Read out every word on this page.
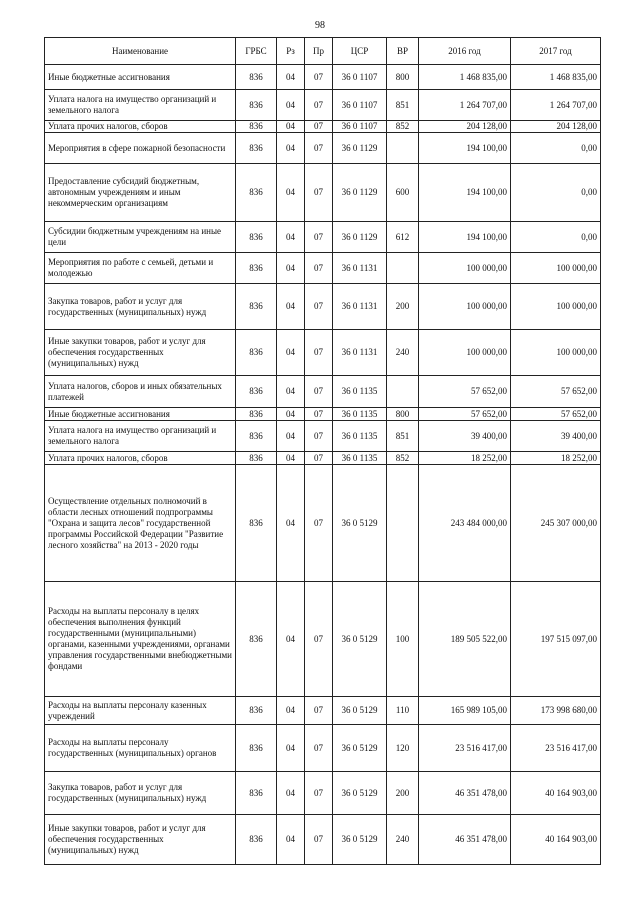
98
Наименование	ГРБС	Рз	Пр	ЦСР	ВР	2016 год	2017 год
Иные бюджетные ассигнования	836	04	07	36 0 1107	800	1 468 835,00	1 468 835,00
Уплата налога на имущество организаций и земельного налога	836	04	07	36 0 1107	851	1 264 707,00	1 264 707,00
Уплата прочих налогов, сборов	836	04	07	36 0 1107	852	204 128,00	204 128,00
Мероприятия в сфере пожарной безопасности	836	04	07	36 0 1129		194 100,00	0,00
Предоставление субсидий бюджетным, автономным учреждениям и иным некоммерческим организациям	836	04	07	36 0 1129	600	194 100,00	0,00
Субсидии бюджетным учреждениям на иные цели	836	04	07	36 0 1129	612	194 100,00	0,00
Мероприятия по работе с семьей, детьми и молодежью	836	04	07	36 0 1131		100 000,00	100 000,00
Закупка товаров, работ и услуг для государственных (муниципальных) нужд	836	04	07	36 0 1131	200	100 000,00	100 000,00
Иные закупки товаров, работ и услуг для обеспечения государственных (муниципальных) нужд	836	04	07	36 0 1131	240	100 000,00	100 000,00
Уплата налогов, сборов и иных обязательных платежей	836	04	07	36 0 1135		57 652,00	57 652,00
Иные бюджетные ассигнования	836	04	07	36 0 1135	800	57 652,00	57 652,00
Уплата налога на имущество организаций и земельного налога	836	04	07	36 0 1135	851	39 400,00	39 400,00
Уплата прочих налогов, сборов	836	04	07	36 0 1135	852	18 252,00	18 252,00
Осуществление отдельных полномочий в области лесных отношений подпрограммы "Охрана и защита лесов" государственной программы Российской Федерации "Развитие лесного хозяйства" на 2013 - 2020 годы	836	04	07	36 0 5129		243 484 000,00	245 307 000,00
Расходы на выплаты персоналу в целях обеспечения выполнения функций государственными (муниципальными) органами, казенными учреждениями, органами управления государственными внебюджетными фондами	836	04	07	36 0 5129	100	189 505 522,00	197 515 097,00
Расходы на выплаты персоналу казенных учреждений	836	04	07	36 0 5129	110	165 989 105,00	173 998 680,00
Расходы на выплаты персоналу государственных (муниципальных) органов	836	04	07	36 0 5129	120	23 516 417,00	23 516 417,00
Закупка товаров, работ и услуг для государственных (муниципальных) нужд	836	04	07	36 0 5129	200	46 351 478,00	40 164 903,00
Иные закупки товаров, работ и услуг для обеспечения государственных (муниципальных) нужд	836	04	07	36 0 5129	240	46 351 478,00	40 164 903,00
